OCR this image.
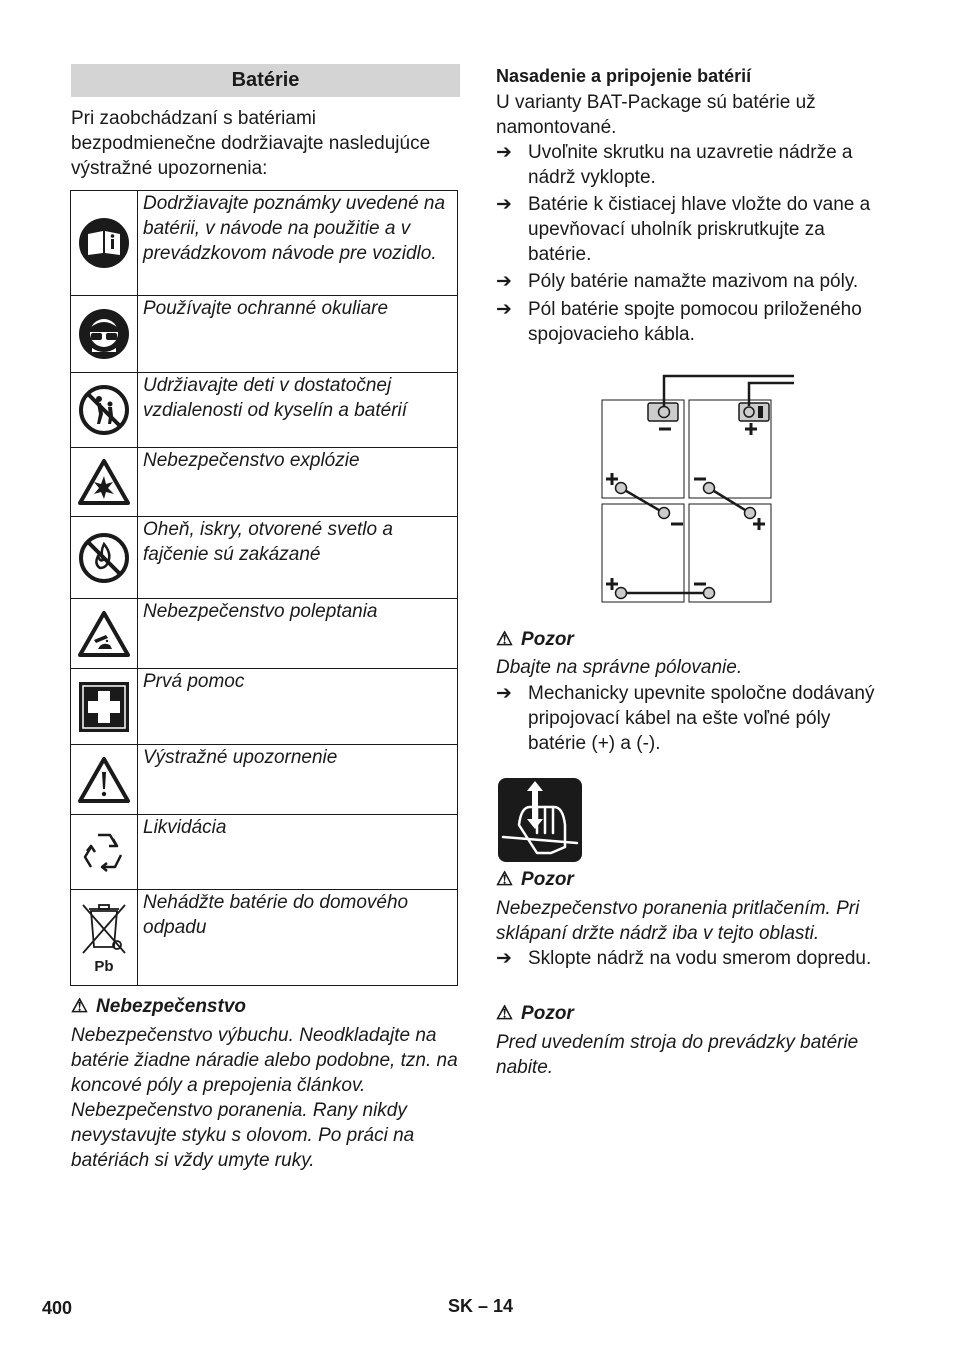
Batérie
Pri zaobchádzaní s batériami bezpodmienečne dodržiavajte nasledujúce výstražné upozornenia:
	Dodržiavajte poznámky uvedené na batérii, v návode na použitie a v prevádzkovom návode pre vozidlo.

	Používajte ochranné okuliare

	Udržiavajte deti v dostatočnej vzdialenosti od kyselín a batérií

	Nebezpečenstvo explózie

	Oheň, iskry, otvorené svetlo a fajčenie sú zakázané

	Nebezpečenstvo poleptania

	Prvá pomoc

	Výstražné upozornenie

	Likvidácia

Pb	Nehádžte batérie do domového odpadu
⚠ Nebezpečenstvo
Nebezpečenstvo výbuchu. Neodkladajte na batérie žiadne náradie alebo podobne, tzn. na koncové póly a prepojenia článkov. Nebezpečenstvo poranenia. Rany nikdy nevystavujte styku s olovom. Po práci na batériách si vždy umyte ruky.
Nasadenie a pripojenie batérií
U varianty BAT-Package sú batérie už namontované.
➔ Uvoľnite skrutku na uzavretie nádrže a nádrž vyklopte.
➔ Batérie k čistiacej hlave vložte do vane a upevňovací uholník priskrutkujte za batérie.
➔ Póly batérie namažte mazivom na póly.
➔ Pól batérie spojte pomocou priloženého spojovacieho kábla.
⚠ Pozor
Dbajte na správne pólovanie.
➔ Mechanicky upevnite spoločne dodávaný pripojovací kábel na ešte voľné póly batérie (+) a (-).
⚠ Pozor
Nebezpečenstvo poranenia pritlačením. Pri sklápaní držte nádrž iba v tejto oblasti.
➔ Sklopte nádrž na vodu smerom dopredu.
⚠ Pozor
Pred uvedením stroja do prevádzky batérie nabite.
400	SK – 14
